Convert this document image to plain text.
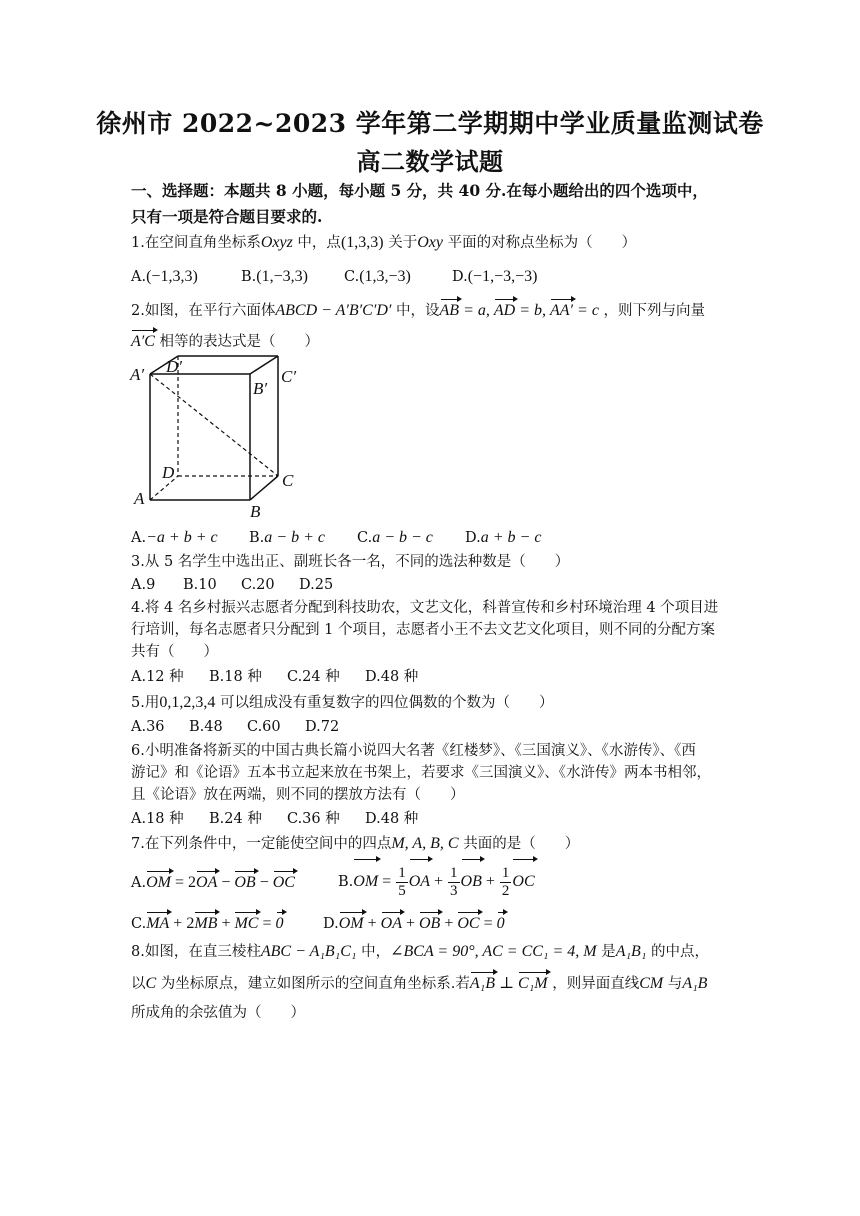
徐州市 2022~2023 学年第二学期期中学业质量监测试卷
高二数学试题
一、选择题：本题共 8 小题，每小题 5 分，共 40 分.在每小题给出的四个选项中，
只有一项是符合题目要求的.
1.在空间直角坐标系Oxyz 中，点(1,3,3) 关于Oxy 平面的对称点坐标为（　　）
A.(−1,3,3)	B.(1,−3,3) C.(1,3,−3)	D.(−1,−3,−3)
2.如图，在平行六面体ABCD − A′B′C′D′ 中，设AB = a, AD = b, AA′ = c ，则下列与向量
A′C 相等的表达式是（　　）
D′
C′
A′
B′
D	C
A
B
A.−a + b + c B.a − b + c C.a − b − c D.a + b − c
3.从 5 名学生中选出正、副班长各一名，不同的选法种数是（　　）
A.9 B.10 C.20 D.25
4.将 4 名乡村振兴志愿者分配到科技助农，文艺文化，科普宣传和乡村环境治理 4 个项目进
行培训，每名志愿者只分配到 1 个项目，志愿者小王不去文艺文化项目，则不同的分配方案
共有（　　）
A.12 种 B.18 种 C.24 种 D.48 种
5.用0,1,2,3,4 可以组成没有重复数字的四位偶数的个数为（　　）
A.36 B.48 C.60 D.72
6.小明准备将新买的中国古典长篇小说四大名著《红楼梦》、《三国演义》、《水游传》、《西
游记》和《论语》五本书立起来放在书架上，若要求《三国演义》、《水浒传》两本书相邻，
且《论语》放在两端，则不同的摆放方法有（　　）
A.18 种 B.24 种 C.36 种 D.48 种
7.在下列条件中，一定能使空间中的四点M, A, B, C 共面的是（　　）
A.OM = 2OA − OB − OC	$B.OM = \frac{1}{5}$ OA + $\frac{1}{3}$ OB + $\frac{1}{2}$ OC
C.MA + 2MB + MC = 0	D.OM + OA + OB + OC = 0
8.如图，在直三棱柱ABC − A₁B₁C₁ 中，∠BCA = 90°, AC = CC₁ = 4, M 是A₁B₁ 的中点，
以C 为坐标原点，建立如图所示的空间直角坐标系.若A₁B ⊥ C₁M ，则异面直线CM 与A₁B
所成角的余弦值为（　　）
